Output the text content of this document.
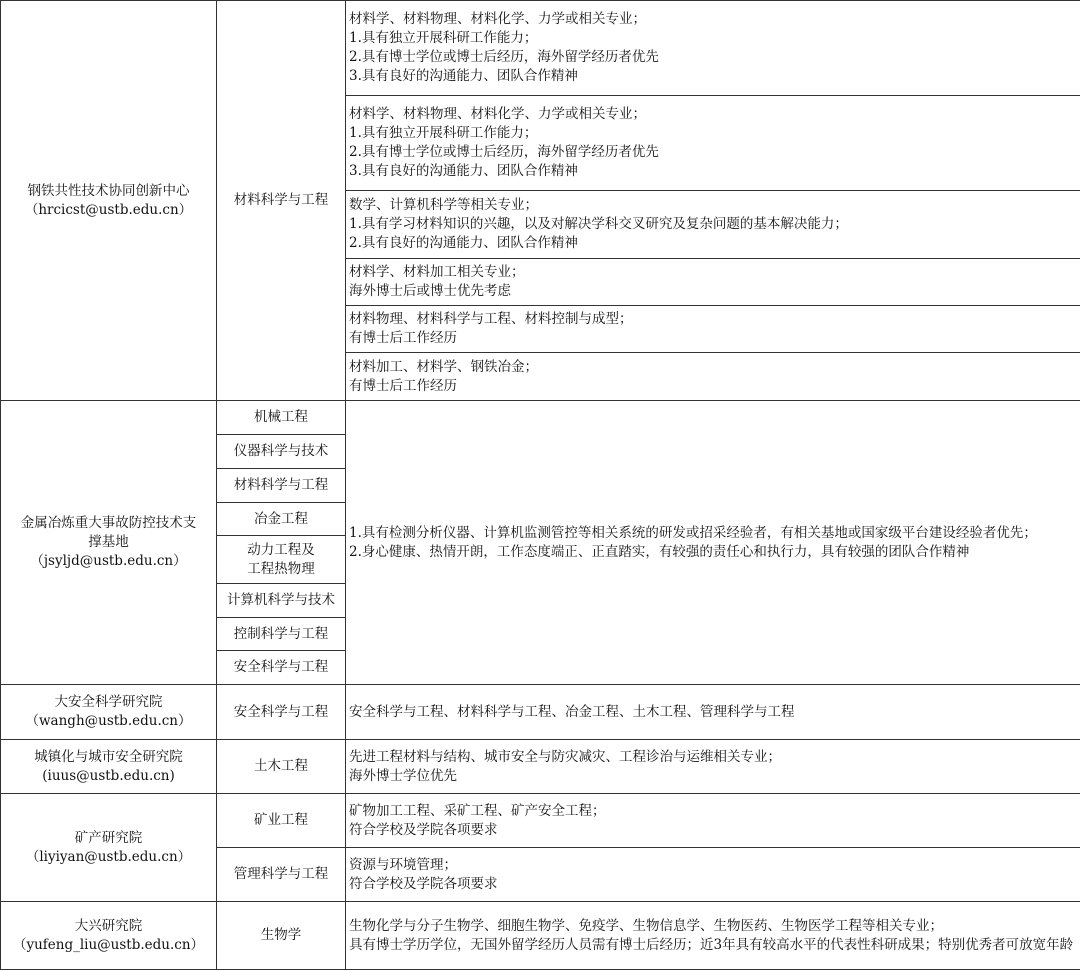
钢铁共性技术协同创新中心
（hrcicst@ustb.edu.cn）	材料科学与工程	材料学、材料物理、材料化学、力学或相关专业；
1.具有独立开展科研工作能力；
2.具有博士学位或博士后经历，海外留学经历者优先
3.具有良好的沟通能力、团队合作精神

		材料学、材料物理、材料化学、力学或相关专业；
1.具有独立开展科研工作能力；
2.具有博士学位或博士后经历，海外留学经历者优先
3.具有良好的沟通能力、团队合作精神

		数学、计算机科学等相关专业；
1.具有学习材料知识的兴趣，以及对解决学科交叉研究及复杂问题的基本解决能力；
2.具有良好的沟通能力、团队合作精神

		材料学、材料加工相关专业；
海外博士后或博士优先考虑

		材料物理、材料科学与工程、材料控制与成型；
有博士后工作经历

		材料加工、材料学、钢铁冶金；
有博士后工作经历

金属冶炼重大事故防控技术支
撑基地
（jsyljd@ustb.edu.cn）	机械工程	1.具有检测分析仪器、计算机监测管控等相关系统的研发或招采经验者，有相关基地或国家级平台建设经验者优先；
2.身心健康、热情开朗，工作态度端正、正直踏实，有较强的责任心和执行力，具有较强的团队合作精神

	仪器科学与技术	
	材料科学与工程	
	冶金工程	

	动力工程及
工程热物理	

	计算机科学与技术	
	控制科学与工程	
	安全科学与工程	

大安全科学研究院
（wangh@ustb.edu.cn）	安全科学与工程	安全科学与工程、材料科学与工程、冶金工程、土木工程、管理科学与工程

城镇化与城市安全研究院
(iuus@ustb.edu.cn)	土木工程	先进工程材料与结构、城市安全与防灾减灾、工程诊治与运维相关专业；
海外博士学位优先

矿产研究院
（liyiyan@ustb.edu.cn）	矿业工程	矿物加工工程、采矿工程、矿产安全工程；
符合学校及学院各项要求

	管理科学与工程	资源与环境管理；
符合学校及学院各项要求

大兴研究院
（yufeng_liu@ustb.edu.cn）	生物学	生物化学与分子生物学、细胞生物学、免疫学、生物信息学、生物医药、生物医学工程等相关专业；
具有博士学历学位，无国外留学经历人员需有博士后经历；近3年具有较高水平的代表性科研成果；特别优秀者可放宽年龄
